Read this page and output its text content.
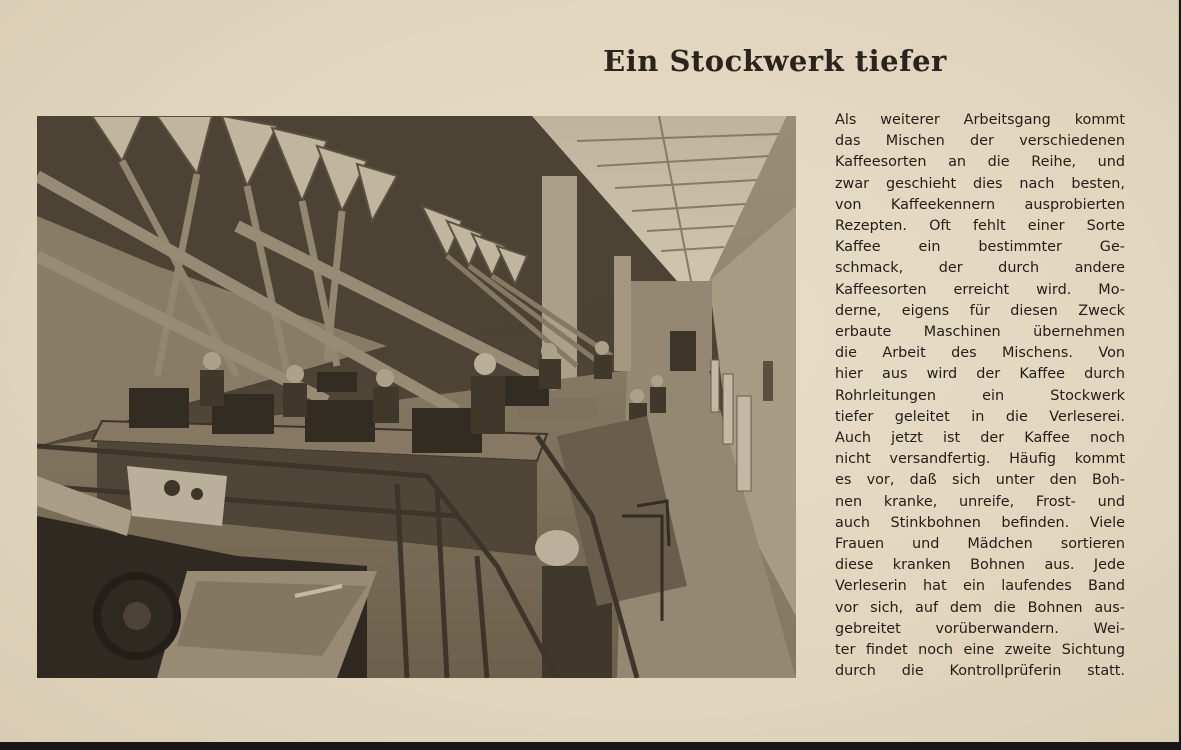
Ein Stockwerk tiefer
Als weiterer Arbeitsgang kommt
das Mischen der verschiedenen
Kaffeesorten an die Reihe, und
zwar geschieht dies nach besten,
von Kaffeekennern ausprobierten
Rezepten. Oft fehlt einer Sorte
Kaffee ein bestimmter Ge-
schmack, der durch andere
Kaffeesorten erreicht wird. Mo-
derne, eigens für diesen Zweck
erbaute Maschinen übernehmen
die Arbeit des Mischens. Von
hier aus wird der Kaffee durch
Rohrleitungen ein Stockwerk
tiefer geleitet in die Verleserei.
Auch jetzt ist der Kaffee noch
nicht versandfertig. Häufig kommt
es vor, daß sich unter den Boh-
nen kranke, unreife, Frost- und
auch Stinkbohnen befinden. Viele
Frauen und Mädchen sortieren
diese kranken Bohnen aus. Jede
Verleserin hat ein laufendes Band
vor sich, auf dem die Bohnen aus-
gebreitet vorüberwandern. Wei-
ter findet noch eine zweite Sichtung
durch die Kontrollprüferin statt.
